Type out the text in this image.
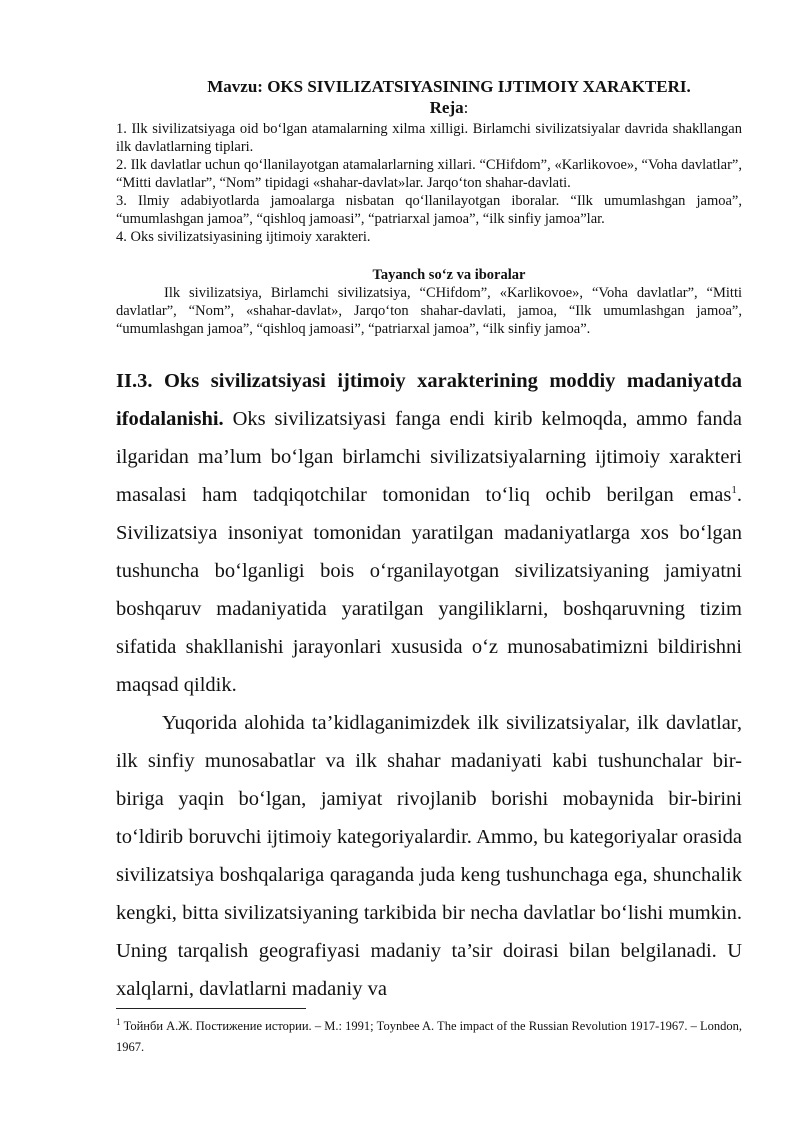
Mavzu: OKS SIVILIZATSIYASINING IJTIMOIY XARAKTERI.
Reja:
1. Ilk sivilizatsiyaga oid bo‘lgan atamalarning xilma xilligi. Birlamchi sivilizatsiyalar davrida shakllangan ilk davlatlarning tiplari.
2. Ilk davlatlar uchun qo‘llanilayotgan atamalarlarning xillari. “CHifdom”, «Karlikovoe», “Voha davlatlar”, “Mitti davlatlar”, “Nom” tipidagi «shahar-davlat»lar. Jarqo‘ton shahar-davlati.
3. Ilmiy adabiyotlarda jamoalarga nisbatan qo‘llanilayotgan iboralar. “Ilk umumlashgan jamoa”, “umumlashgan jamoa”, “qishloq jamoasi”, “patriarxal jamoa”, “ilk sinfiy jamoa”lar.
4. Oks sivilizatsiyasining ijtimoiy xarakteri.
Tayanch so‘z va iboralar

Ilk sivilizatsiya, Birlamchi sivilizatsiya, “CHifdom”, «Karlikovoe», “Voha davlatlar”, “Mitti davlatlar”, “Nom”, «shahar-davlat», Jarqo‘ton shahar-davlati, jamoa, “Ilk umumlashgan jamoa”, “umumlashgan jamoa”, “qishloq jamoasi”, “patriarxal jamoa”, “ilk sinfiy jamoa”.

II.3. Oks sivilizatsiyasi ijtimoiy xarakterining moddiy madaniyatda ifodalanishi. Oks sivilizatsiyasi fanga endi kirib kelmoqda, ammo fanda ilgaridan ma’lum bo‘lgan birlamchi sivilizatsiyalarning ijtimoiy xarakteri masalasi ham tadqiqotchilar tomonidan to‘liq ochib berilgan emas$^1$. Sivilizatsiya insoniyat tomonidan yaratilgan madaniyatlarga xos bo‘lgan tushuncha bo‘lganligi bois o‘rganilayotgan sivilizatsiyaning jamiyatni boshqaruv madaniyatida yaratilgan yangiliklarni, boshqaruvning tizim sifatida shakllanishi jarayonlari xususida o‘z munosabatimizni bildirishni maqsad qildik.

Yuqorida alohida ta’kidlaganimizdek ilk sivilizatsiyalar, ilk davlatlar, ilk sinfiy munosabatlar va ilk shahar madaniyati kabi tushunchalar bir-biriga yaqin bo‘lgan, jamiyat rivojlanib borishi mobaynida bir-birini to‘ldirib boruvchi ijtimoiy kategoriyalardir. Ammo, bu kategoriyalar orasida sivilizatsiya boshqalariga qaraganda juda keng tushunchaga ega, shunchalik kengki, bitta sivilizatsiyaning tarkibida bir necha davlatlar bo‘lishi mumkin. Uning tarqalish geografiyasi madaniy ta’sir doirasi bilan belgilanadi. U xalqlarni, davlatlarni madaniy va

$^1$ Тойнби А.Ж. Постижение истории. – М.: 1991; Toynbee A. The impact of the Russian Revolution 1917-1967. – London, 1967.
